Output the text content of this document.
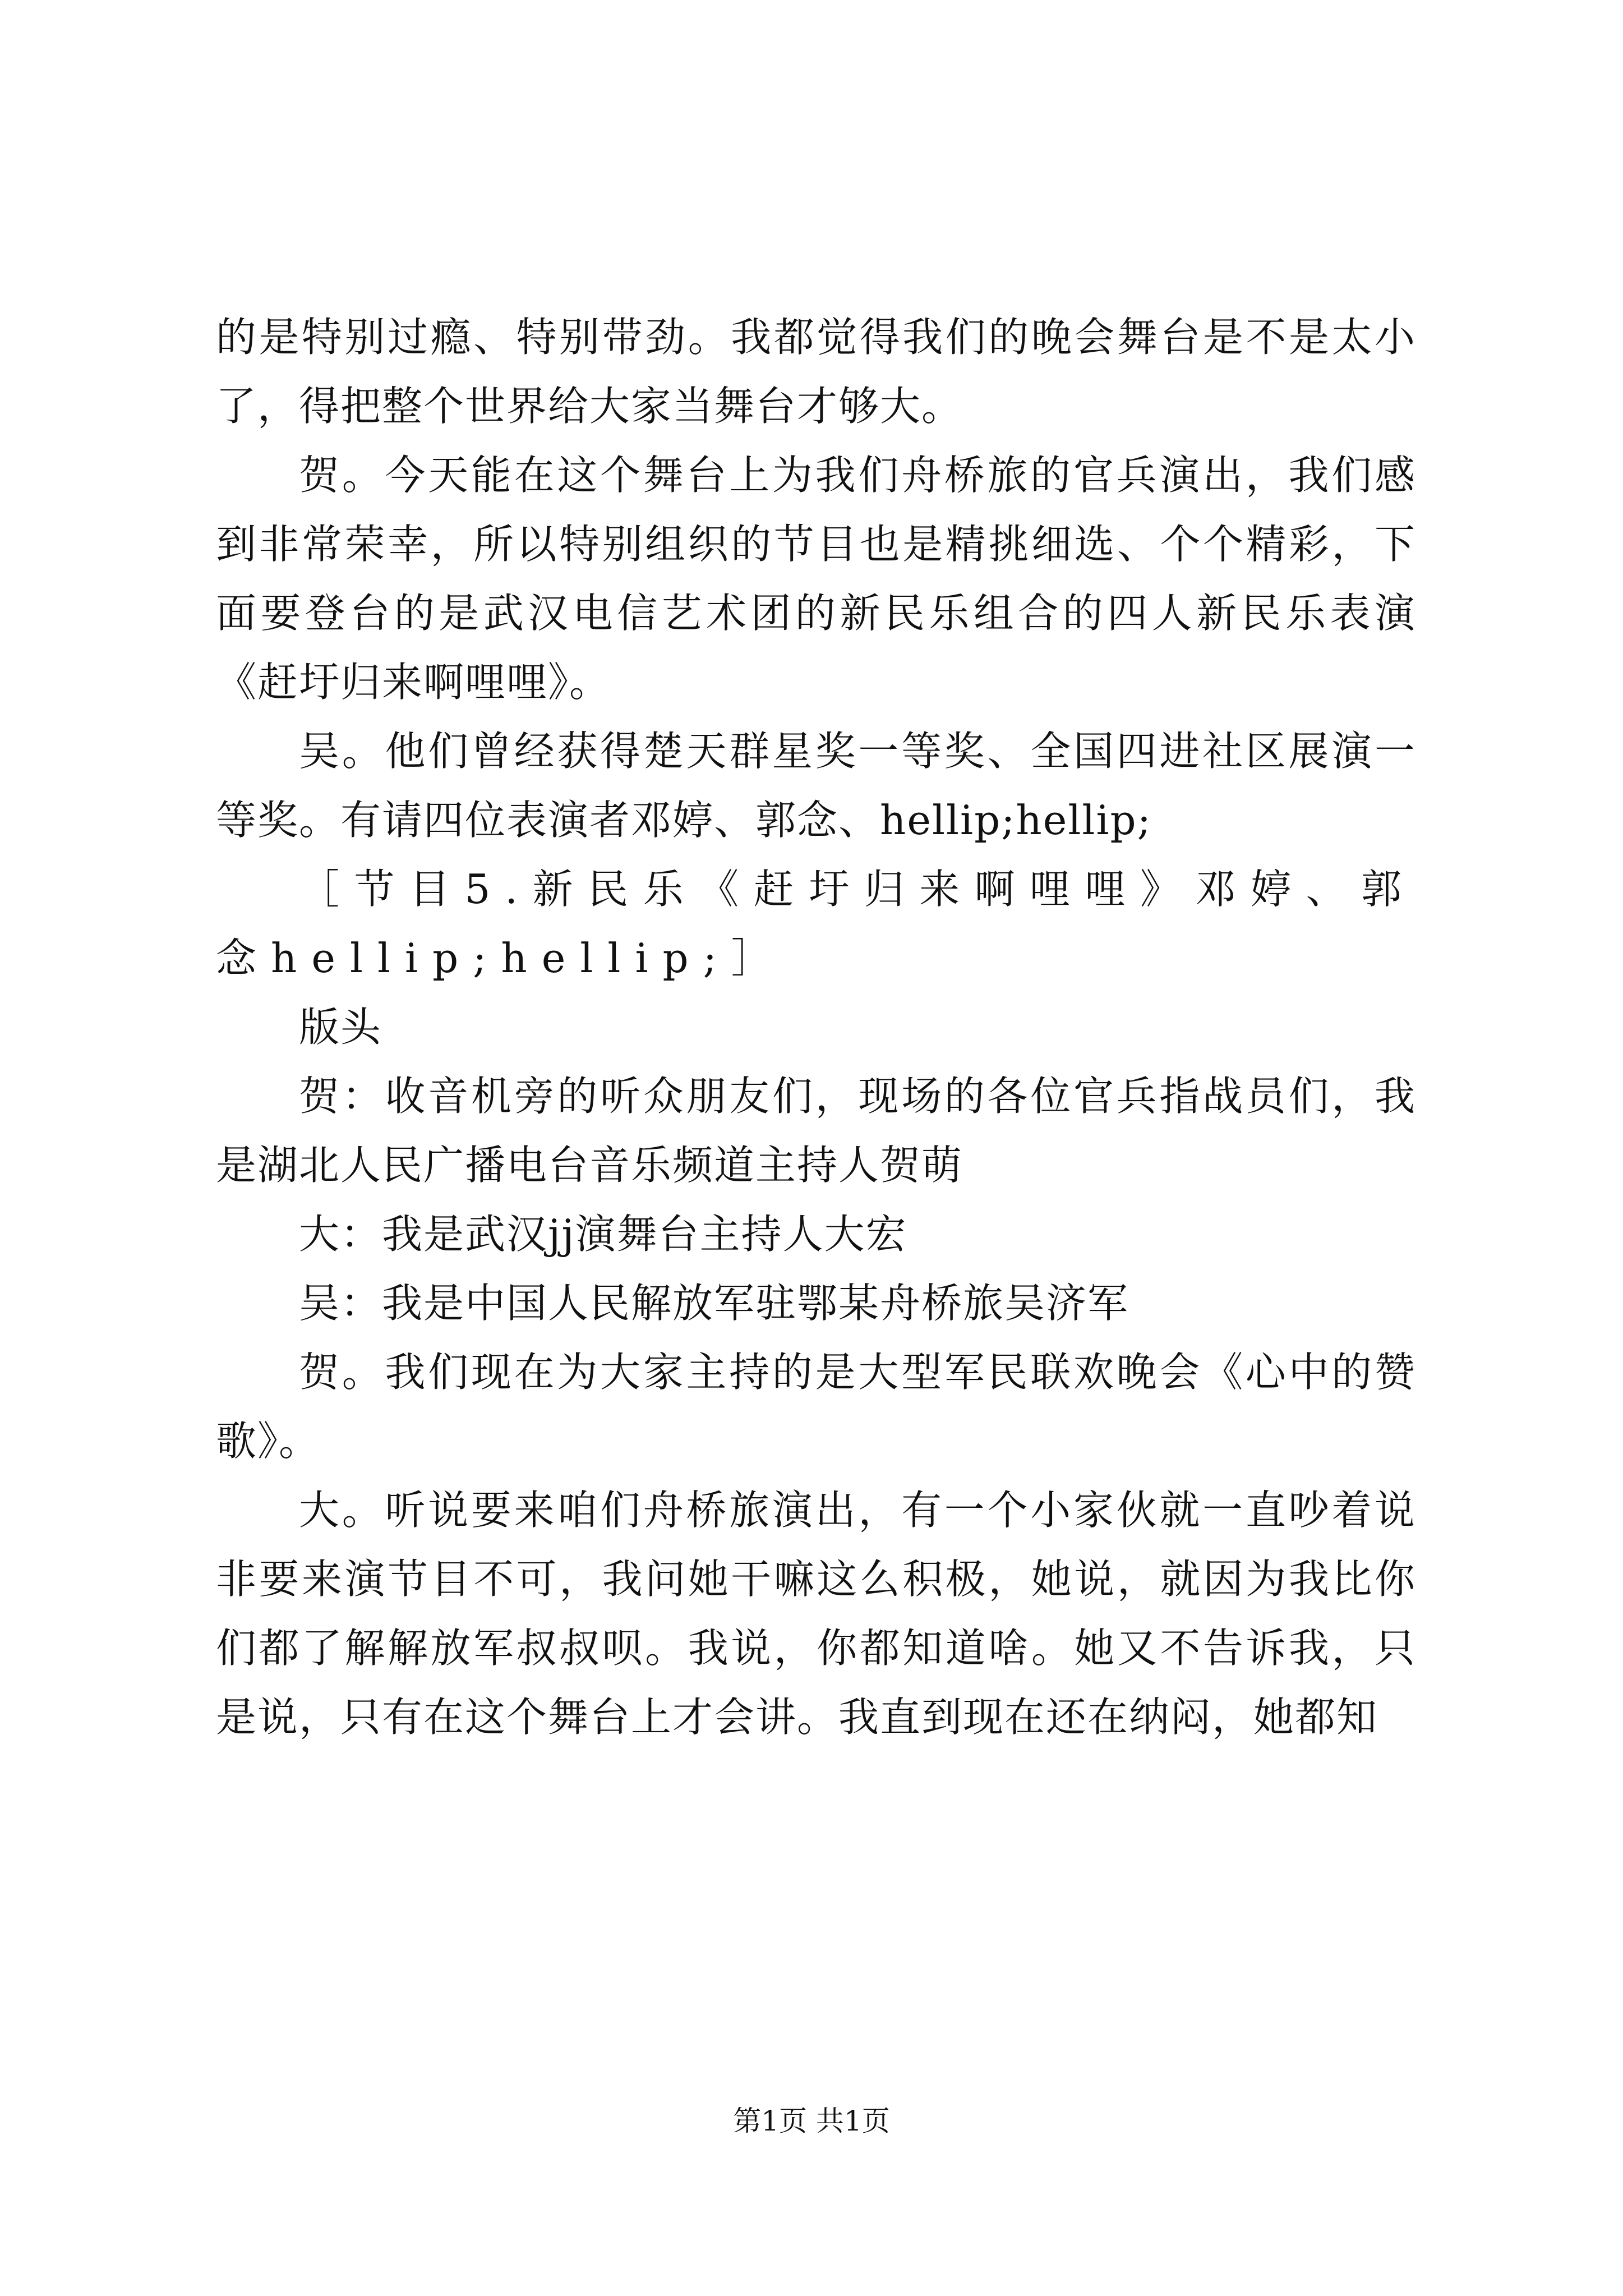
的是特别过瘾、特别带劲。我都觉得我们的晚会舞台是不是太小了，得把整个世界给大家当舞台才够大。

贺。今天能在这个舞台上为我们舟桥旅的官兵演出，我们感到非常荣幸，所以特别组织的节目也是精挑细选、个个精彩，下面要登台的是武汉电信艺术团的新民乐组合的四人新民乐表演《赶圩归来啊哩哩》。

吴。他们曾经获得楚天群星奖一等奖、全国四进社区展演一等奖。有请四位表演者邓婷、郭念、hellip;hellip;

［节目5.新民乐《赶圩归来啊哩哩》邓婷、郭念hellip;hellip;］

版头

贺：收音机旁的听众朋友们，现场的各位官兵指战员们，我是湖北人民广播电台音乐频道主持人贺萌

大：我是武汉jj演舞台主持人大宏

吴：我是中国人民解放军驻鄂某舟桥旅吴济军

贺。我们现在为大家主持的是大型军民联欢晚会《心中的赞歌》。

大。听说要来咱们舟桥旅演出，有一个小家伙就一直吵着说非要来演节目不可，我问她干嘛这么积极，她说，就因为我比你们都了解解放军叔叔呗。我说，你都知道啥。她又不告诉我，只是说，只有在这个舞台上才会讲。我直到现在还在纳闷，她都知

第1页 共1页
